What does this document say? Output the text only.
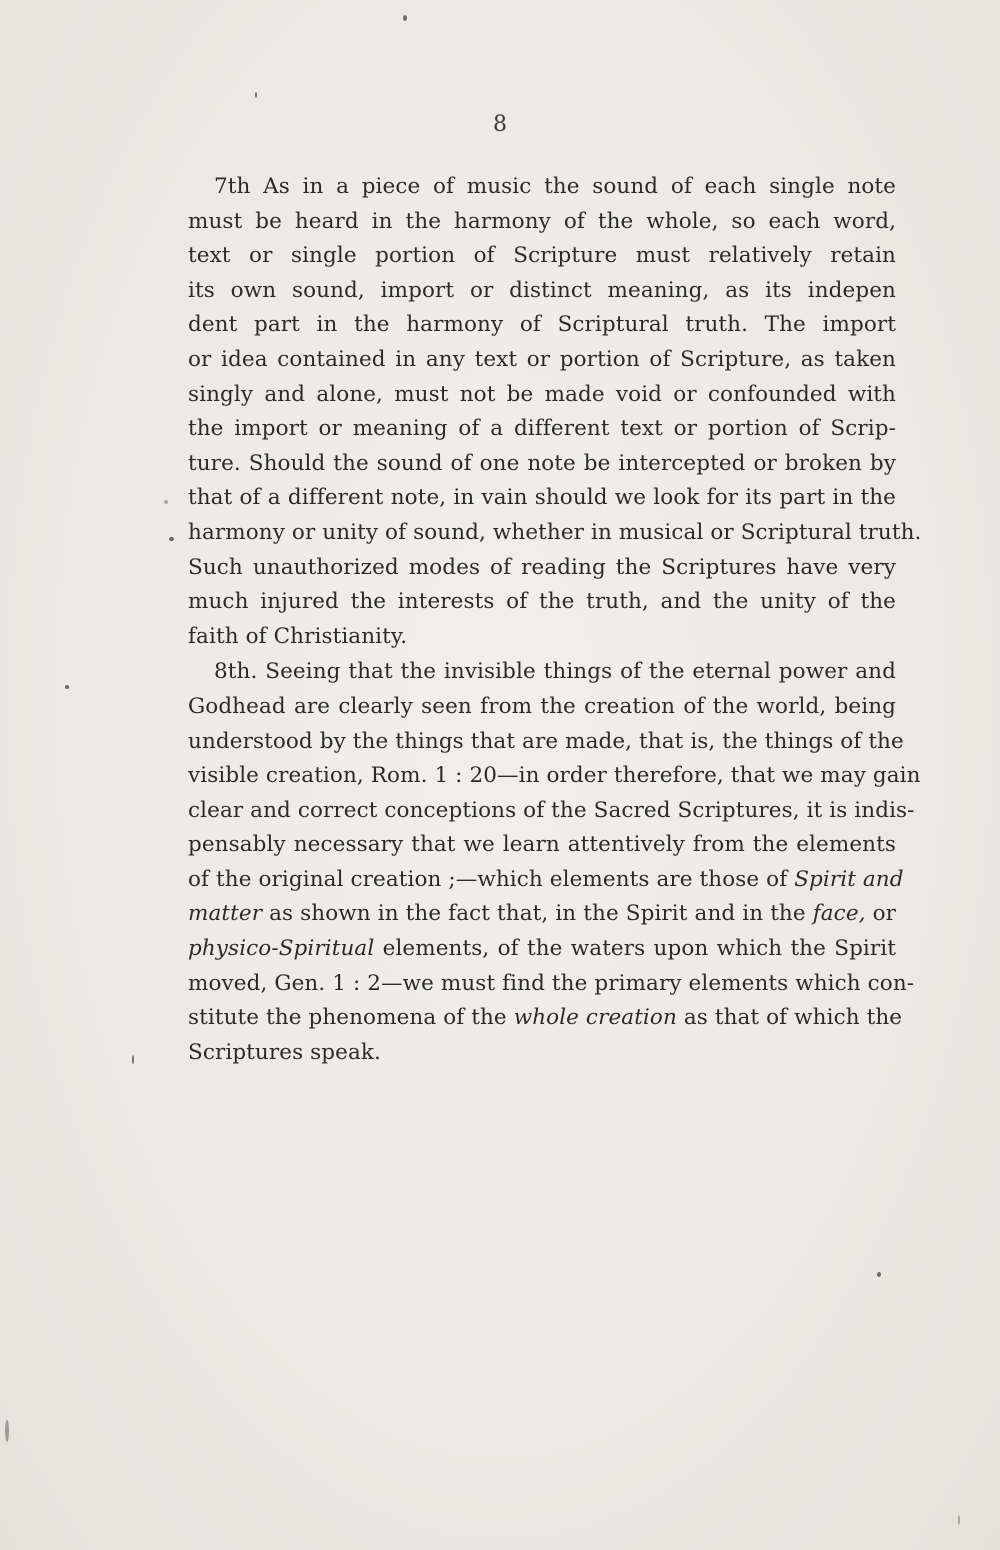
8

7th As in a piece of music the sound of each single note
must be heard in the harmony of the whole, so each word,
text or single portion of Scripture must relatively retain
its own sound, import or distinct meaning, as its indepen
dent part in the harmony of Scriptural truth. The import
or idea contained in any text or portion of Scripture, as taken
singly and alone, must not be made void or confounded with
the import or meaning of a different text or portion of Scrip-
ture. Should the sound of one note be intercepted or broken by
that of a different note, in vain should we look for its part in the
harmony or unity of sound, whether in musical or Scriptural truth.
Such unauthorized modes of reading the Scriptures have very
much injured the interests of the truth, and the unity of the
faith of Christianity.

8th. Seeing that the invisible things of the eternal power and
Godhead are clearly seen from the creation of the world, being
understood by the things that are made, that is, the things of the
visible creation, Rom. 1 : 20—in order therefore, that we may gain
clear and correct conceptions of the Sacred Scriptures, it is indis-
pensably necessary that we learn attentively from the elements
of the original creation ;—which elements are those of Spirit and
matter as shown in the fact that, in the Spirit and in the face, or
physico-Spiritual elements, of the waters upon which the Spirit
moved, Gen. 1 : 2—we must find the primary elements which con-
stitute the phenomena of the whole creation as that of which the
Scriptures speak.
